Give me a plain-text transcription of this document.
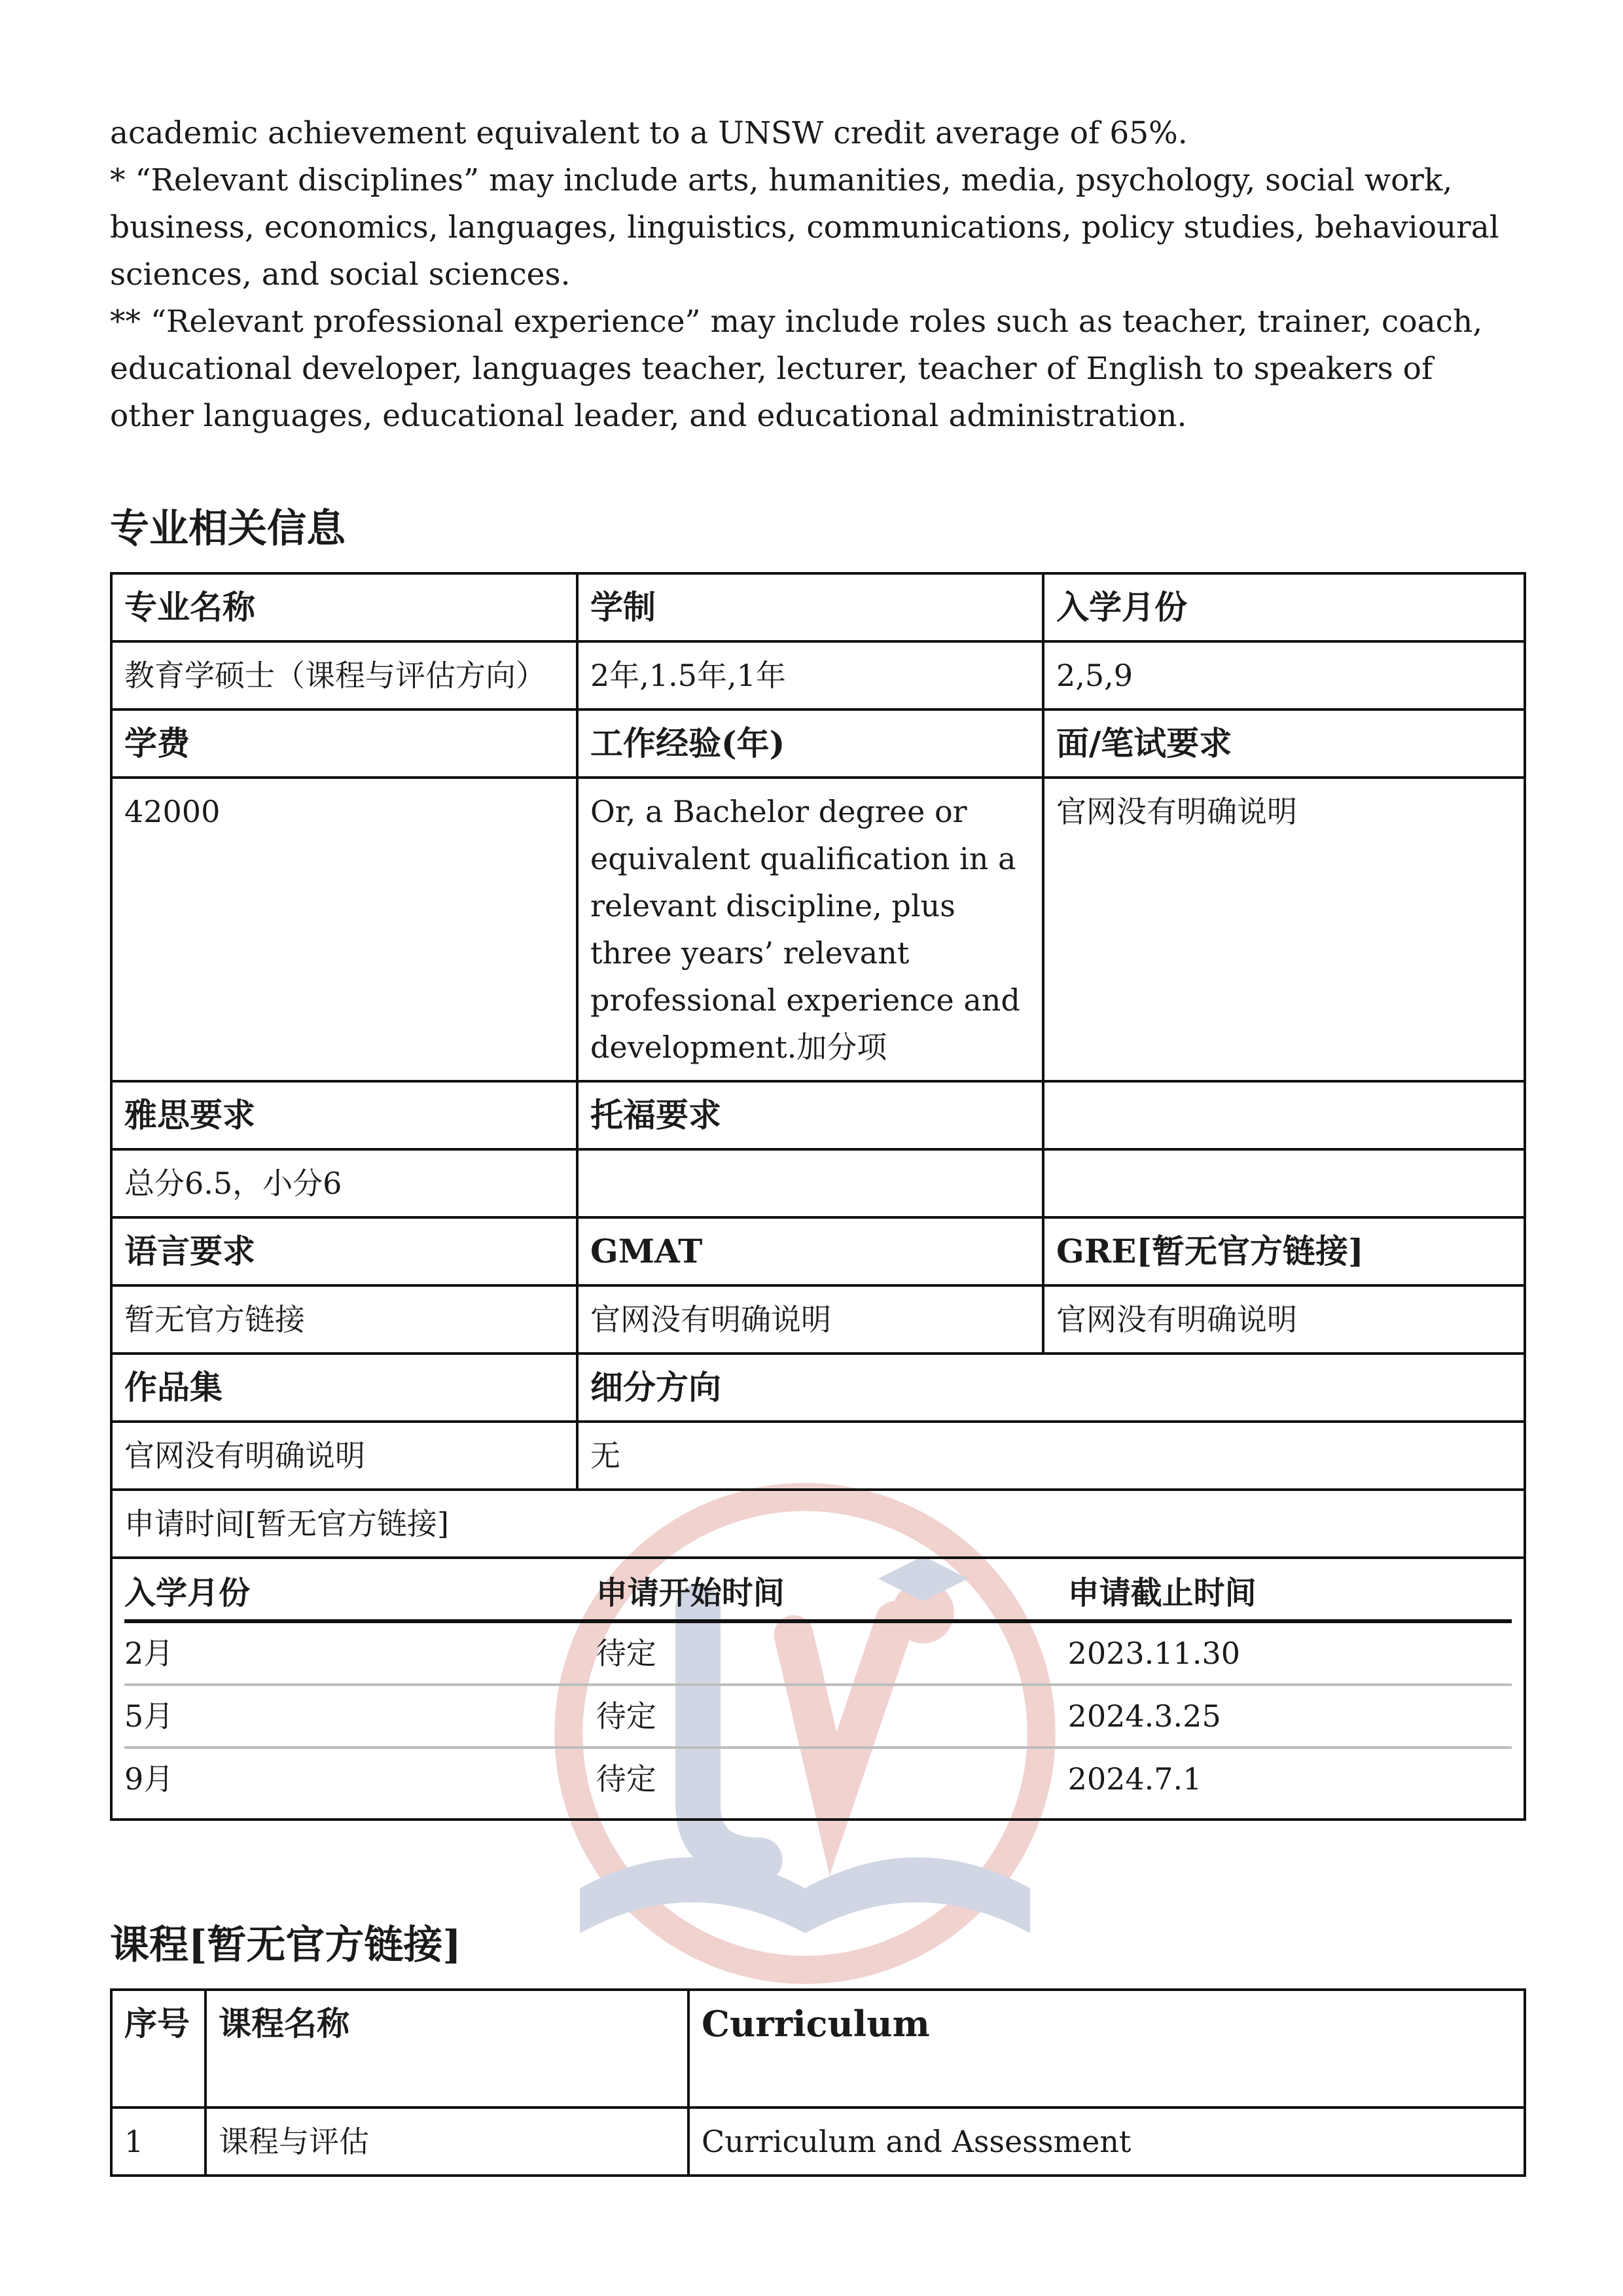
academic achievement equivalent to a UNSW credit average of 65%.

* “Relevant disciplines” may include arts, humanities, media, psychology, social work, business, economics, languages, linguistics, communications, policy studies, behavioural sciences, and social sciences.

** “Relevant professional experience” may include roles such as teacher, trainer, coach, educational developer, languages teacher, lecturer, teacher of English to speakers of other languages, educational leader, and educational administration.

专业相关信息
专业名称	学制	入学月份
教育学硕士（课程与评估方向）	2年,1.5年,1年	2,5,9
学费	工作经验(年)	面/笔试要求
42000	Or, a Bachelor degree or equivalent qualification in a relevant discipline, plus three years’ relevant professional experience and development.加分项	官网没有明确说明
雅思要求	托福要求	
总分6.5，小分6		
语言要求	GMAT	GRE[暂无官方链接]
暂无官方链接	官网没有明确说明	官网没有明确说明
作品集	细分方向
官网没有明确说明	无
申请时间[暂无官方链接]

入学月份	申请开始时间	申请截止时间
2月	待定	2023.11.30
5月	待定	2024.3.25
9月	待定	2024.7.1
课程[暂无官方链接]
序号	课程名称	Curriculum
1	课程与评估	Curriculum and Assessment
